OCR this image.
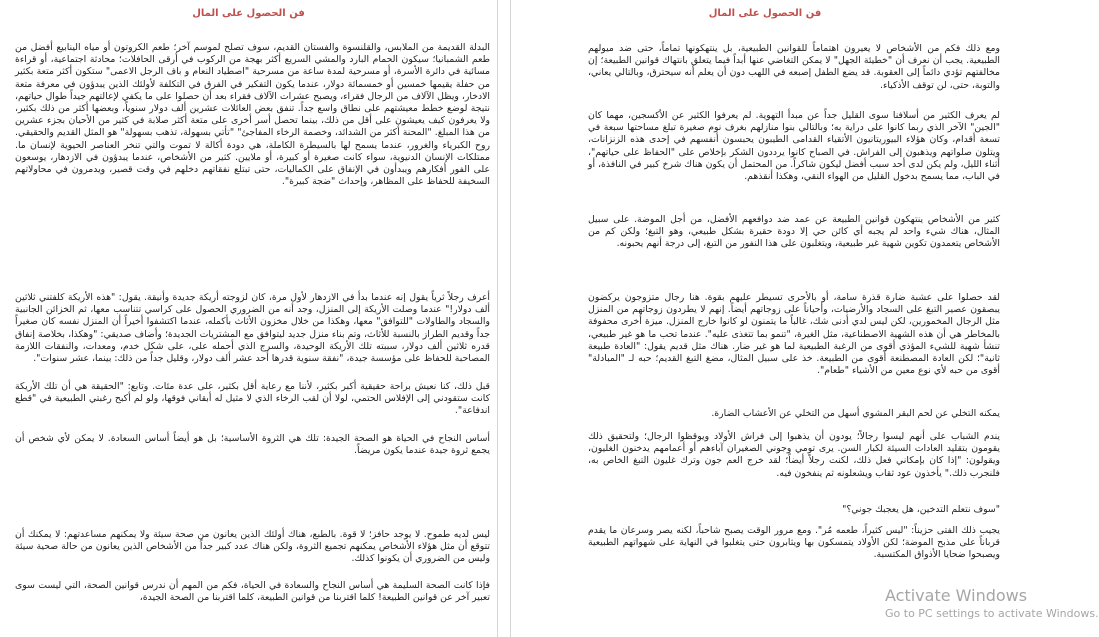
فن الحصول على المال

البدلة القديمة من الملابس، والقلنسوة والفستان القديم، سوف تصلح لموسم آخر؛ طعم الكروتون أو مياه الينابيع أفضل من طعم الشمبانيا؛ سيكون الحمام البارد والمشي السريع أكثر بهجة من الركوب في أرقى الحافلات؛ محادثة اجتماعية، أو قراءة مسائية في دائرة الأسرة، أو مسرحية لمدة ساعة من مسرحية "اصطياد النعام و باف الرجل الاعمى" ستكون أكثر متعة بكثير من حفلة يقيمها خمسين أو خمسمائة دولار، عندما يكون التفكير في الفرق في التكلفة لأولئك الذين يبدؤون في معرفة متعة الادخار، ويظل الآلاف من الرجال فقراء، ويصبح عشرات الآلاف فقراء بعد أن حصلوا على ما يكفي لإعالتهم جيداً طوال حياتهم، نتيجة لوضع خطط معيشتهم على نطاق واسع جداً. تنفق بعض العائلات عشرين ألف دولار سنوياً، وبعضها أكثر من ذلك بكثير، ولا يعرفون كيف يعيشون على أقل من ذلك، بينما تحصل أسر أخرى على متعة أكثر صلابة في كثير من الأحيان بجزء عشرين من هذا المبلغ. "المحنة أكثر من الشدائد، وخصمة الرخاء المفاجئ" "تأتي بسهولة، تذهب بسهولة" هو المثل القديم والحقيقي. روح الكبرياء والغرور، عندما يسمح لها بالسيطرة الكاملة، هي دودة أكالة لا تموت والتي تنخر العناصر الحيوية لإنسان ما. ممتلكات الإنسان الدنيوية، سواء كانت صغيرة أو كبيرة، أو ملايين. كثير من الأشخاص، عندما يبدؤون في الازدهار، يوسعون على الفور أفكارهم ويبدأون في الإنفاق على الكماليات، حتى تبتلع نفقاتهم دخلهم في وقت قصير، ويدمرون في محاولاتهم السخيفة للحفاظ على المظاهر، وإحداث "ضجة كبيرة".

أعرف رجلاً ثرياً يقول إنه عندما بدأ في الازدهار لأول مرة، كان لزوجته أريكة جديدة وأنيقة. يقول: "هذه الأريكة كلفتني ثلاثين ألف دولار!" عندما وصلت الأريكة إلى المنزل، وجد أنه من الضروري الحصول على كراسي تتناسب معها، ثم الخزائن الجانبية والسجاد والطاولات "للتوافق" معها، وهكذا من خلال مخزون الأثاث بأكمله، عندما اكتشفوا أخيراً أن المنزل نفسه كان صغيراً جداً وقديم الطراز بالنسبة للأثاث، وتم بناء منزل جديد ليتوافق مع المشتريات الجديدة؛ وأضاف صديقي: "وهكذا، بخلاصة إنفاق قدره ثلاثين ألف دولار، سببته تلك الأريكة الوحيدة، والسرج الذي أحمله على، على شكل خدم، ومعدات، والنفقات اللازمة المصاحبة للحفاظ على مؤسسة جيدة، "نفقة سنوية قدرها أحد عشر ألف دولار، وقليل جداً من ذلك: بينما، عشر سنوات".

قبل ذلك، كنا نعيش براحة حقيقية أكبر بكثير، لأننا مع رعاية أقل بكثير، على عدة مئات. وتابع: "الحقيقة هي أن تلك الأريكة كانت ستقودني إلى الإفلاس الحتمي، لولا أن لقب الرخاء الذي لا مثيل له أبقاني فوقها، ولو لم أكبح رغبتي الطبيعية في "قطع اندفاعة".

أساس النجاح في الحياة هو الصحة الجيدة: تلك هي الثروة الأساسية؛ بل هو أيضاً أساس السعادة. لا يمكن لأي شخص أن يجمع ثروة جيدة عندما يكون مريضاً.

ليس لديه طموح. لا يوجد حافز؛ لا قوة. بالطبع، هناك أولئك الذين يعانون من صحة سيئة ولا يمكنهم مساعدتهم: لا يمكنك أن تتوقع أن مثل هؤلاء الأشخاص يمكنهم تجميع الثروة، ولكن هناك عدد كبير جداً من الأشخاص الذين يعانون من حالة صحية سيئة وليس من الضروري أن يكونوا كذلك.

فإذا كانت الصحة السليمة هي أساس النجاح والسعادة في الحياة، فكم من المهم أن ندرس قوانين الصحة، التي ليست سوى تعبير آخر عن قوانين الطبيعة! كلما اقتربنا من قوانين الطبيعة، كلما اقتربنا من الصحة الجيدة،

فن الحصول على المال

ومع ذلك فكم من الأشخاص لا يعيرون اهتماماً للقوانين الطبيعية، بل ينتهكونها تماماً، حتى ضد ميولهم الطبيعية. يجب أن نعرف أن "خطيئة الجهل" لا يمكن التغاضي عنها أبداً فيما يتعلق بانتهاك قوانين الطبيعة؛ إن مخالفتهم تؤدي دائماً إلى العقوبة. قد يضع الطفل إصبعه في اللهب دون أن يعلم أنه سيحترق، وبالتالي يعاني، والتوبة، حتى، لن توقف الأذكياء.

لم يعرف الكثير من أسلافنا سوى القليل جداً عن مبدأ التهوية. لم يعرفوا الكثير عن الأكسجين، مهما كان "الجين" الآخر الذي ربما كانوا على دراية به؛ وبالتالي بنوا منازلهم بغرف نوم صغيرة تبلغ مساحتها سبعة في تسعة أقدام، وكان هؤلاء البيوريتانيون الأتقياء القدامى الطيبون يحبسون أنفسهم في إحدى هذه الزنزانات، ويتلون صلواتهم ويذهبون إلى الفراش. في الصباح كانوا يرددون الشكر بإخلاص على "الحفاظ على حياتهم"، أثناء الليل، ولم يكن لدى أحد سبب أفضل ليكون شاكراً. من المحتمل أن يكون هناك شرخ كبير في النافذة، أو في الباب، مما يسمح بدخول القليل من الهواء النقي، وهكذا أنقذهم.

كثير من الأشخاص ينتهكون قوانين الطبيعة عن عمد ضد دوافعهم الأفضل، من أجل الموضة. على سبيل المثال، هناك شيء واحد لم يجبه أي كائن حي إلا دودة حقيرة بشكل طبيعي، وهو التبغ؛ ولكن كم من الأشخاص يتعمدون تكوين شهية غير طبيعية، ويتغلبون على هذا النفور من التبغ، إلى درجة أنهم يحبونه.

لقد حصلوا على عشبة ضارة قذرة سامة، أو بالأحرى تسيطر عليهم بقوة. هنا رجال متزوجون يركضون يبصقون عصير التبغ على السجاد والأرضيات، وأحياناً على زوجاتهم أيضاً. إنهم لا يطردون زوجاتهم من المنزل مثل الرجال المخمورين، لكن ليس لدي أدنى شك، غالباً ما يتمنون لو كانوا خارج المنزل. ميزة أخرى محفوفة بالمخاطر هي أن هذه الشهية الاصطناعية، مثل الغيرة، "تنمو بما تتغذى عليه". عندما تحب ما هو غير طبيعي، تنشأ شهية للشيء المؤذي أقوى من الرغبة الطبيعية لما هو غير ضار. هناك مثل قديم يقول: "العادة طبيعة ثانية"؛ لكن العادة المصطنعة أقوى من الطبيعة. خذ على سبيل المثال، مضغ التبغ القديم؛ حبه لـ "المبادلة" أقوى من حبه لأي نوع معين من الأشياء "طعام".

يمكنه التخلي عن لحم البقر المشوي أسهل من التخلي عن الأعشاب الضارة.

يندم الشباب على أنهم ليسوا رجالاً؛ يودون أن يذهبوا إلى فراش الأولاد ويوقظوا الرجال؛ ولتحقيق ذلك يقومون بتقليد العادات السيئة لكبار السن. يرى تومي وجوني الصغيران آباءهم أو أعمامهم يدخنون الغليون، ويقولون: "إذا كان بإمكاني فعل ذلك، لكنت رجلاً أيضاً؛ لقد خرج العم جون وترك غليون التبغ الخاص به، فلنجرب ذلك." يأخذون عود ثقاب ويشعلونه ثم ينفخون فيه.

"سوف نتعلم التدخين، هل يعجبك جوني؟"

يجيب ذلك الفتى حزيناً: "ليس كثيراً، طعمه مُر". ومع مرور الوقت يصبح شاحباً، لكنه يصر وسرعان ما يقدم قرباناً على مذبح الموضة؛ لكن الأولاد يتمسكون بها ويثابرون حتى يتغلبوا في النهاية على شهواتهم الطبيعية ويصبحوا ضحايا الأذواق المكتسبة.

Activate Windows
Go to PC settings to activate Windows.
